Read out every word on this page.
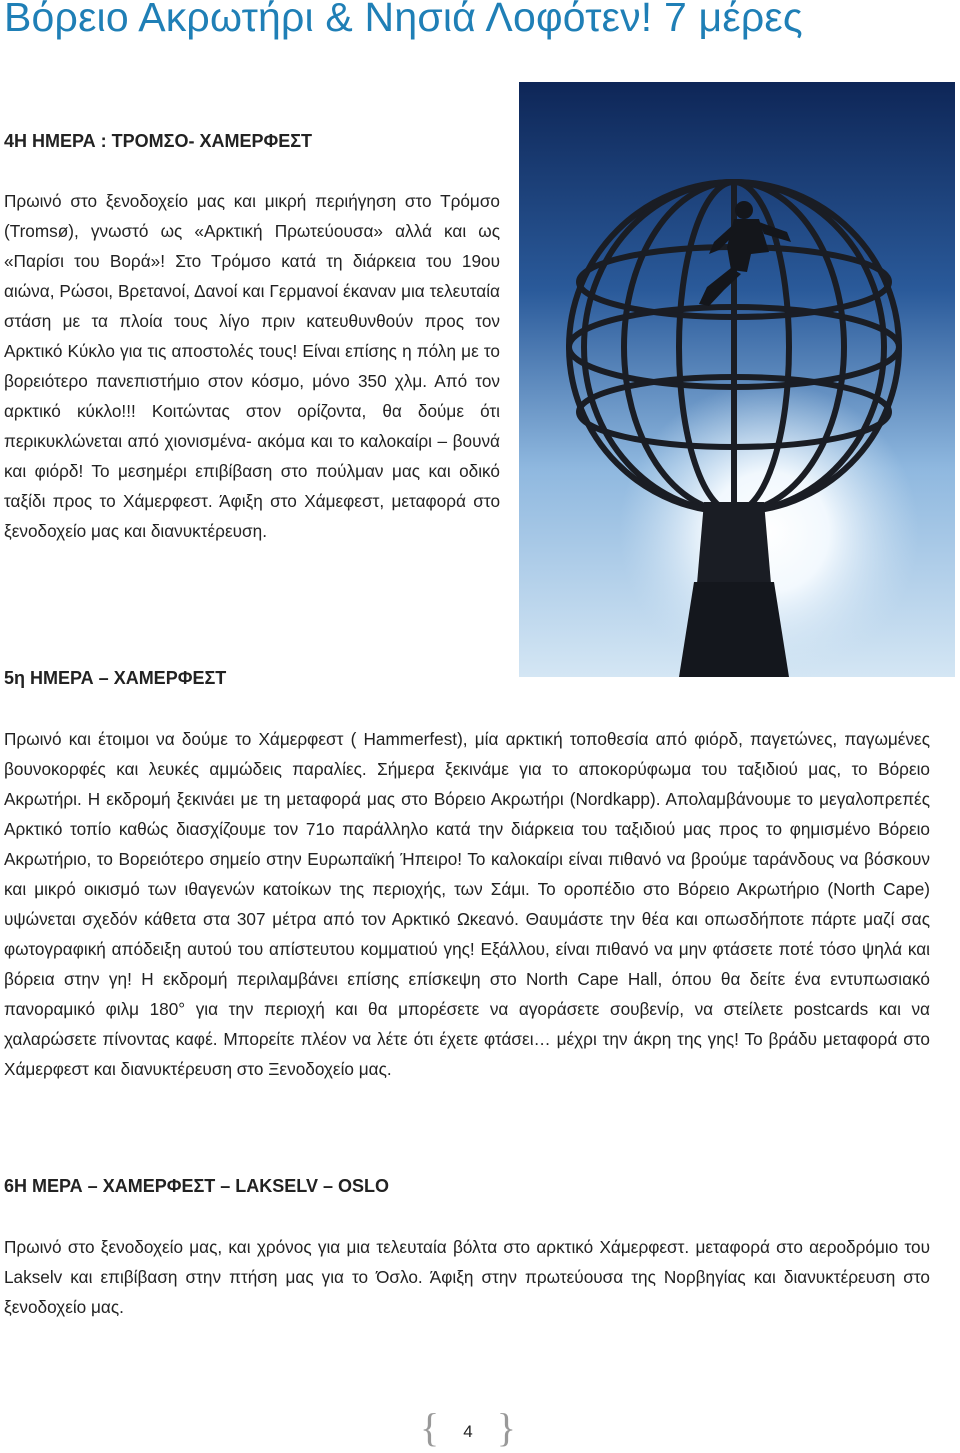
Βόρειο Ακρωτήρι & Νησιά Λοφότεν! 7 μέρες
4Η ΗΜΕΡΑ : ΤΡΟΜΣΟ- ΧΑΜΕΡΦΕΣΤ

Πρωινό στο ξενοδοχείο μας και μικρή περιήγηση στο Τρόμσο (Tromsø), γνωστό ως «Αρκτική Πρωτεύουσα» αλλά και ως «Παρίσι του Βορά»! Στο Τρόμσο κατά τη διάρκεια του 19ου αιώνα, Ρώσοι, Βρετανοί, Δανοί και Γερμανοί έκαναν μια τελευταία στάση με τα πλοία τους λίγο πριν κατευθυνθούν προς τον Αρκτικό Κύκλο για τις αποστολές τους! Είναι επίσης η πόλη με το βορειότερο πανεπιστήμιο στον κόσμο, μόνο 350 χλμ. Από τον αρκτικό κύκλο!!! Κοιτώντας στον ορίζοντα, θα δούμε ότι περικυκλώνεται από χιονισμένα- ακόμα και το καλοκαίρι – βουνά και φιόρδ! Το μεσημέρι επιβίβαση στο πούλμαν μας και οδικό ταξίδι προς το Χάμερφεστ. Άφιξη στο Χάμεφεστ, μεταφορά στο ξενοδοχείο μας και διανυκτέρευση.

5η ΗΜΕΡΑ – ΧΑΜΕΡΦΕΣΤ

Πρωινό και έτοιμοι να δούμε το Χάμερφεστ ( Hammerfest), μία αρκτική τοποθεσία από φιόρδ, παγετώνες, παγωμένες βουνοκορφές και λευκές αμμώδεις παραλίες. Σήμερα ξεκινάμε για το αποκορύφωμα του ταξιδιού μας, το Βόρειο Ακρωτήρι. Η εκδρομή ξεκινάει με τη μεταφορά μας στο Βόρειο Ακρωτήρι (Nordkapp). Απολαμβάνουμε το μεγαλοπρεπές Αρκτικό τοπίο καθώς διασχίζουμε τον 71ο παράλληλο κατά την διάρκεια του ταξιδιού μας προς το φημισμένο Βόρειο Ακρωτήριο, το Βορειότερο σημείο στην Ευρωπαϊκή Ήπειρο! Το καλοκαίρι είναι πιθανό να βρούμε ταράνδους να βόσκουν και μικρό οικισμό των ιθαγενών κατοίκων της περιοχής, των Σάμι. Το οροπέδιο στο Βόρειο Ακρωτήριο (North Cape) υψώνεται σχεδόν κάθετα στα 307 μέτρα από τον Αρκτικό Ωκεανό. Θαυμάστε την θέα και οπωσδήποτε πάρτε μαζί σας φωτογραφική απόδειξη αυτού του απίστευτου κομματιού γης! Εξάλλου, είναι πιθανό να μην φτάσετε ποτέ τόσο ψηλά και βόρεια στην γη! Η εκδρομή περιλαμβάνει επίσης επίσκεψη στο North Cape Hall, όπου θα δείτε ένα εντυπωσιακό πανοραμικό φιλμ 180° για την περιοχή και θα μπορέσετε να αγοράσετε σουβενίρ, να στείλετε postcards και να χαλαρώσετε πίνοντας καφέ. Μπορείτε πλέον να λέτε ότι έχετε φτάσει… μέχρι την άκρη της γης! Το βράδυ μεταφορά στο Χάμερφεστ και διανυκτέρευση στο Ξενοδοχείο μας.

6Η ΜΕΡΑ – ΧΑΜΕΡΦΕΣΤ – LAKSELV – OSLO

Πρωινό στο ξενοδοχείο μας, και χρόνος για μια τελευταία βόλτα στο αρκτικό Χάμερφεστ. μεταφορά στο αεροδρόμιο του Lakselv και επιβίβαση στην πτήση μας για το Όσλο. Άφιξη στην πρωτεύουσα της Νορβηγίας και διανυκτέρευση στο ξενοδοχείο μας.

{	4 }
